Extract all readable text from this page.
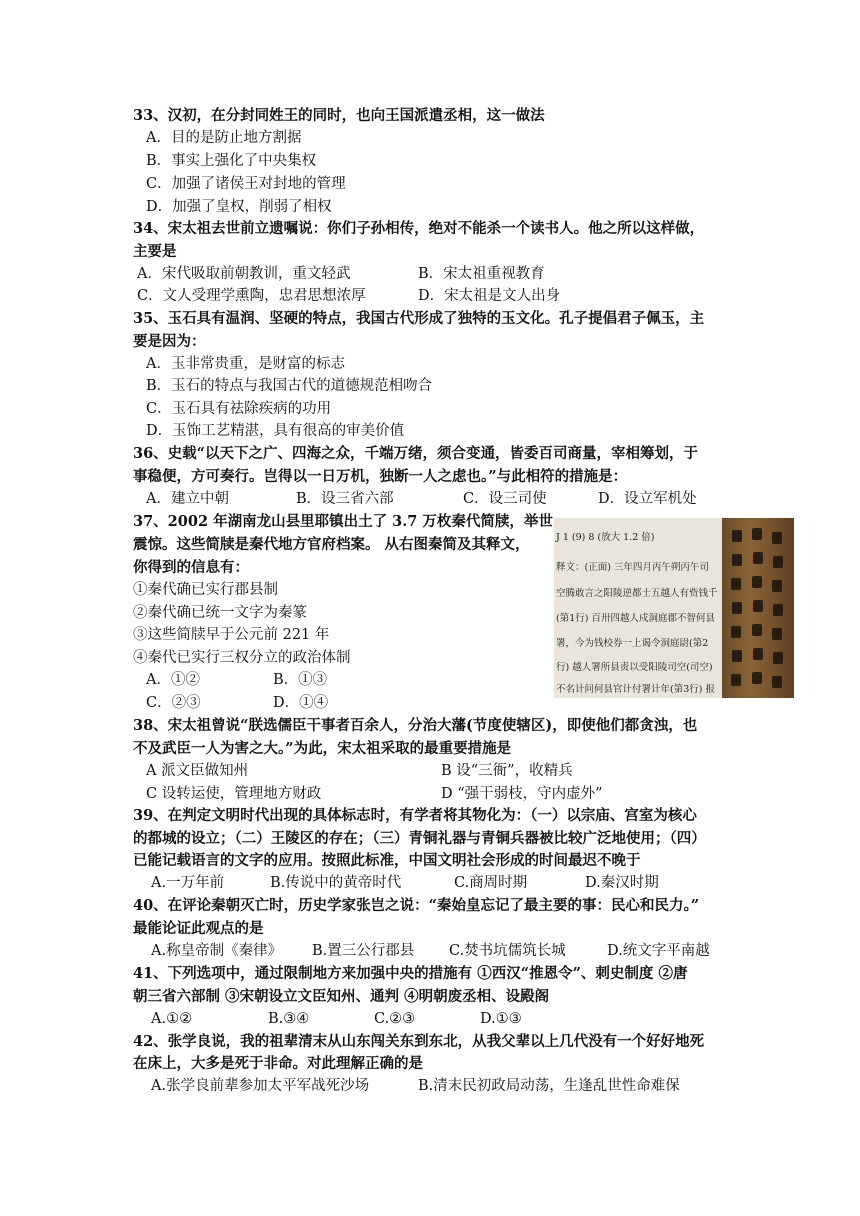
33、汉初，在分封同姓王的同时，也向王国派遣丞相，这一做法
A．目的是防止地方割据
B．事实上强化了中央集权
C．加强了诸侯王对封地的管理
D．加强了皇权，削弱了相权
34、宋太祖去世前立遗嘱说：你们子孙相传，绝对不能杀一个读书人。他之所以这样做，
主要是
A．宋代吸取前朝教训，重文轻武	B．宋太祖重视教育
C．文人受理学熏陶，忠君思想浓厚	D．宋太祖是文人出身
35、玉石具有温润、坚硬的特点，我国古代形成了独特的玉文化。孔子提倡君子佩玉，主
要是因为：
A．玉非常贵重，是财富的标志
B．玉石的特点与我国古代的道德规范相吻合
C．玉石具有祛除疾病的功用
D．玉饰工艺精湛，具有很高的审美价值
36、史载“以天下之广、四海之众，千端万绪，须合变通，皆委百司商量，宰相筹划，于
事稳便，方可奏行。岂得以一日万机，独断一人之虑也。”与此相符的措施是：
A．建立中朝	B．设三省六部	C．设三司使	D．设立军机处
37、2002 年湖南龙山县里耶镇出土了 3.7 万枚秦代简牍，举世
震惊。这些简牍是秦代地方官府档案。 从右图秦简及其释文，
你得到的信息有：
①秦代确已实行郡县制
②秦代确已统一文字为秦篆
③这些简牍早于公元前 221 年
④秦代已实行三权分立的政治体制
A．①②	B．①③
C．②③	D．①④
J 1 (9) 8 (放大 1.2 倍)
释文：(正面) 三年四月丙午朔丙午司
空腾敢言之阳陵逆都士五越人有赀钱千
(第1行) 百卅四越人戍洞庭郡不智何县
署，今为钱校券一上谒令洞庭尉(第2
行) 越人署所县责以受阳陵司空(司空)
不名计问何县官计付署计年(第3行) 报
38、宋太祖曾说“朕选儒臣干事者百余人，分治大藩(节度使辖区)，即使他们都贪浊，也
不及武臣一人为害之大。”为此，宋太祖采取的最重要措施是
A 派文臣做知州	B 设“三衙”，收精兵
C 设转运使，管理地方财政	D “强干弱枝，守内虚外”
39、在判定文明时代出现的具体标志时，有学者将其物化为：（一）以宗庙、宫室为核心
的都城的设立；（二）王陵区的存在；（三）青铜礼器与青铜兵器被比较广泛地使用；（四）
已能记载语言的文字的应用。按照此标准，中国文明社会形成的时间最迟不晚于
A.一万年前	B.传说中的黄帝时代	C.商周时期	D.秦汉时期
40、在评论秦朝灭亡时，历史学家张岂之说：“秦始皇忘记了最主要的事：民心和民力。”
最能论证此观点的是
A.称皇帝制《秦律》 B.置三公行郡县 C.焚书坑儒筑长城	D.统文字平南越
41、下列选项中，通过限制地方来加强中央的措施有 ①西汉“推恩令”、刺史制度 ②唐
朝三省六部制 ③宋朝设立文臣知州、通判 ④明朝废丞相、设殿阁
A.①②	B.③④	C.②③	D.①③
42、张学良说，我的祖辈清末从山东闯关东到东北，从我父辈以上几代没有一个好好地死
在床上，大多是死于非命。对此理解正确的是
A.张学良前辈参加太平军战死沙场	B.清末民初政局动荡，生逢乱世性命难保
